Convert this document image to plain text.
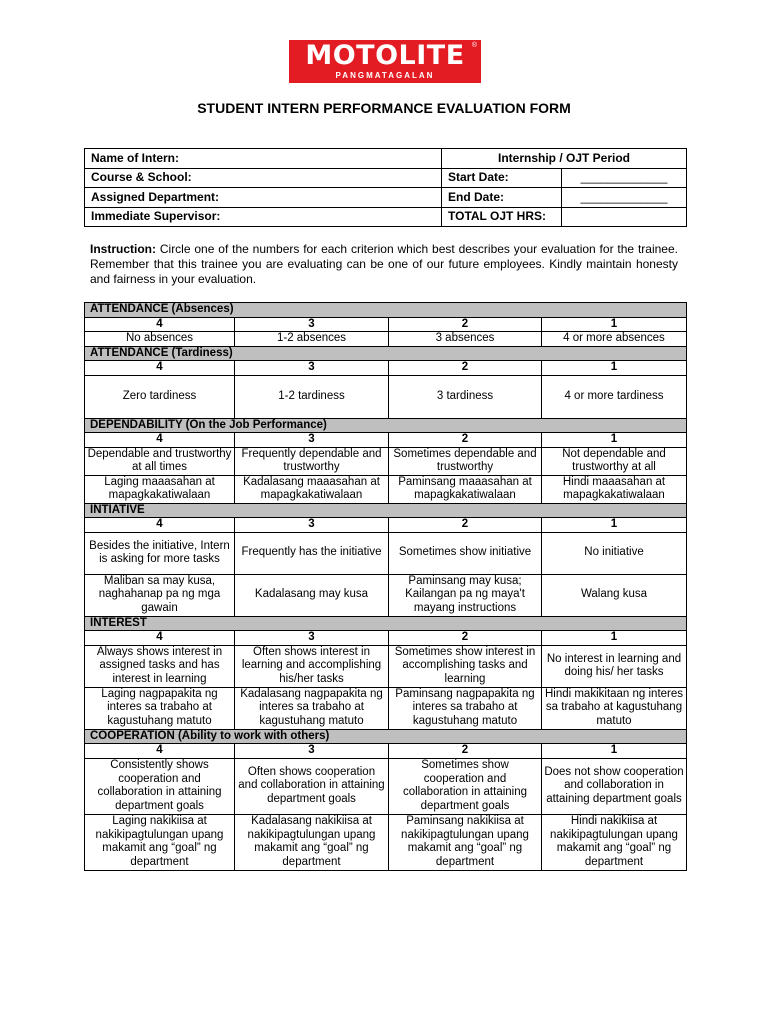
MOTOLITE	®
PANGMATAGALAN
STUDENT INTERN PERFORMANCE EVALUATION FORM
Name of Intern:	Internship / OJT Period	
Course & School:	Start Date:	_____________
Assigned Department:	End Date:	_____________
Immediate Supervisor:	TOTAL OJT HRS:	
Instruction: Circle one of the numbers for each criterion which best describes your evaluation for the trainee. Remember that this trainee you are evaluating can be one of our future employees. Kindly maintain honesty and fairness in your evaluation.
ATTENDANCE (Absences)			
4	3	2	1
No absences	1-2 absences	3 absences	4 or more absences
ATTENDANCE (Tardiness)			
4	3	2	1
Zero tardiness	1-2 tardiness	3 tardiness	4 or more tardiness
DEPENDABILITY (On the Job Performance)			
4	3	2	1
Dependable and trustworthy at all times	Frequently dependable and trustworthy	Sometimes dependable and trustworthy	Not dependable and trustworthy at all
Laging maaasahan at mapagkakatiwalaan	Kadalasang maaasahan at mapagkakatiwalaan	Paminsang maaasahan at mapagkakatiwalaan	Hindi maaasahan at mapagkakatiwalaan
INTIATIVE			
4	3	2	1
Besides the initiative, Intern is asking for more tasks	Frequently has the initiative	Sometimes show initiative	No initiative
Maliban sa may kusa, naghahanap pa ng mga gawain	Kadalasang may kusa	Paminsang may kusa; Kailangan pa ng maya't mayang instructions	Walang kusa
INTEREST			
4	3	2	1
Always shows interest in assigned tasks and has interest in learning	Often shows interest in learning and accomplishing his/her tasks	Sometimes show interest in accomplishing tasks and learning	No interest in learning and doing his/ her tasks
Laging nagpapakita ng interes sa trabaho at kagustuhang matuto	Kadalasang nagpapakita ng interes sa trabaho at kagustuhang matuto	Paminsang nagpapakita ng interes sa trabaho at kagustuhang matuto	Hindi makikitaan ng interes sa trabaho at kagustuhang matuto
COOPERATION (Ability to work with others)			
4	3	2	1
Consistently shows cooperation and collaboration in attaining department goals	Often shows cooperation and collaboration in attaining department goals	Sometimes show cooperation and collaboration in attaining department goals	Does not show cooperation and collaboration in attaining department goals
Laging nakikiisa at nakikipagtulungan upang makamit ang “goal” ng department	Kadalasang nakikiisa at nakikipagtulungan upang makamit ang “goal” ng department	Paminsang nakikiisa at nakikipagtulungan upang makamit ang “goal” ng department	Hindi nakikiisa at nakikipagtulungan upang makamit ang “goal” ng department
